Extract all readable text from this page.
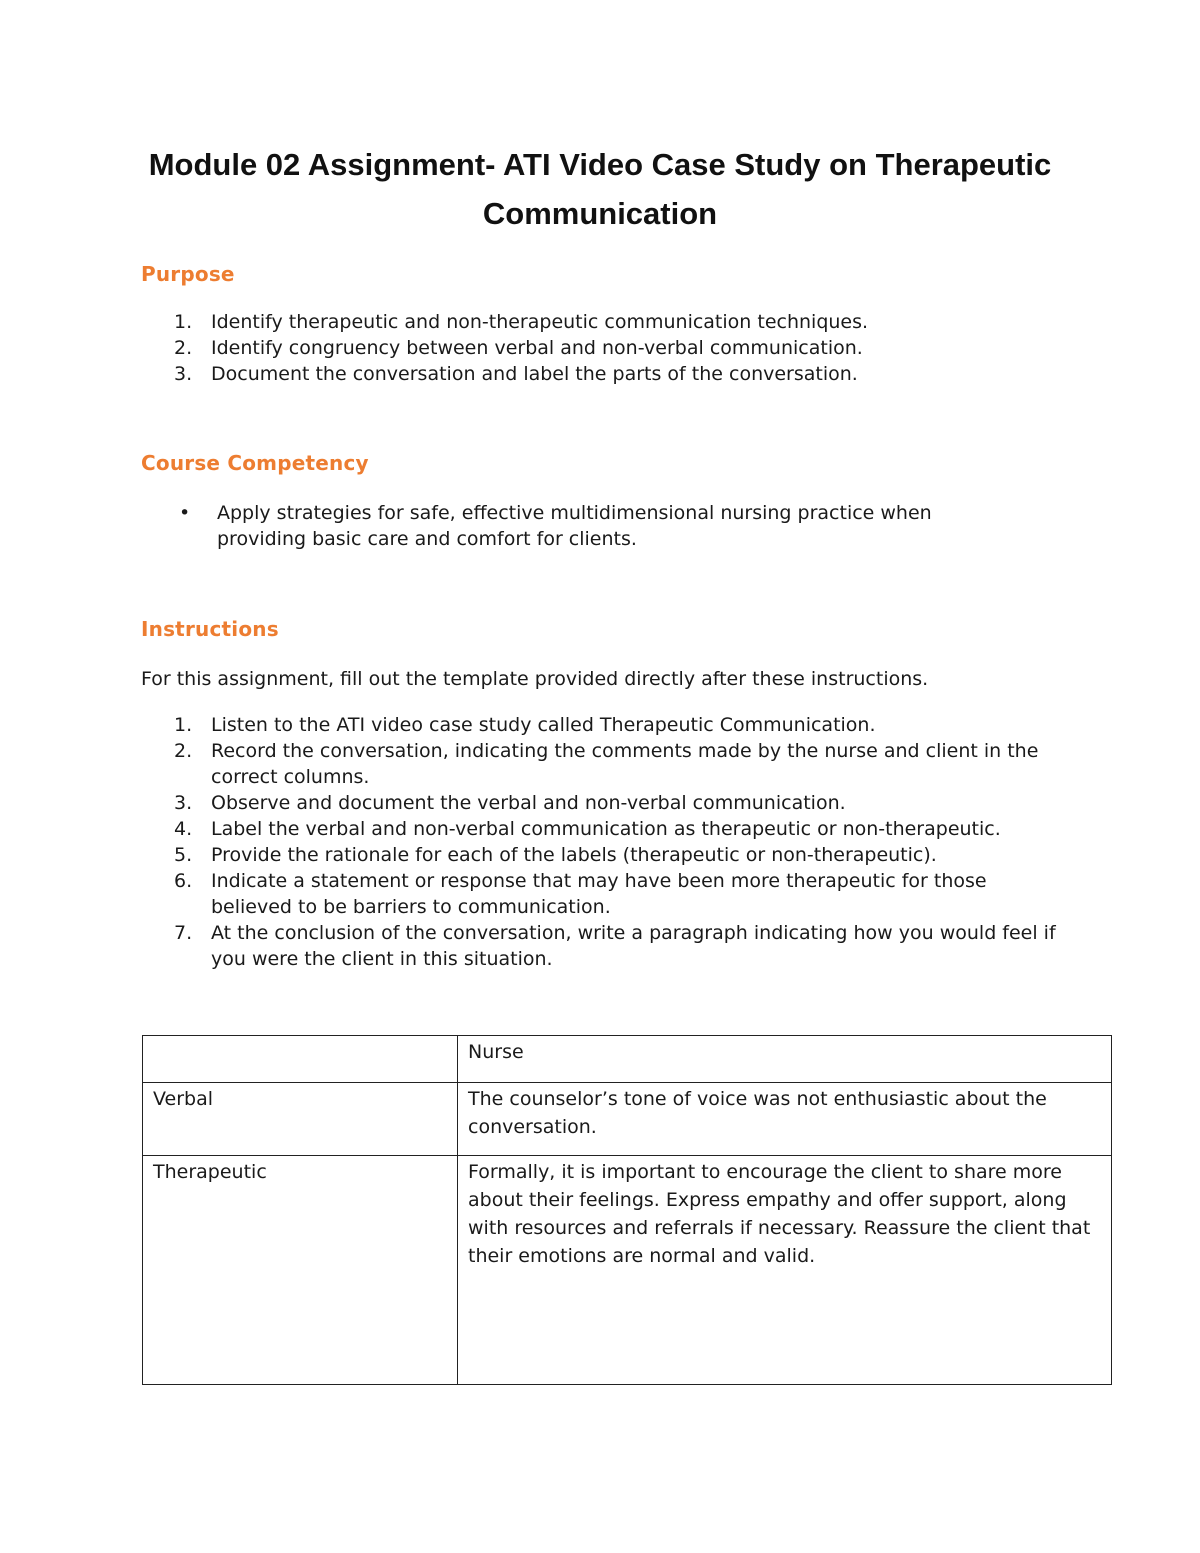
Module 02 Assignment- ATI Video Case Study on Therapeutic Communication
Purpose
1. Identify therapeutic and non-therapeutic communication techniques.
2. Identify congruency between verbal and non-verbal communication.
3. Document the conversation and label the parts of the conversation.
Course Competency
• Apply strategies for safe, effective multidimensional nursing practice when providing basic care and comfort for clients.
Instructions
For this assignment, fill out the template provided directly after these instructions.
1. Listen to the ATI video case study called Therapeutic Communication.
2. Record the conversation, indicating the comments made by the nurse and client in the correct columns.
3. Observe and document the verbal and non-verbal communication.
4. Label the verbal and non-verbal communication as therapeutic or non-therapeutic.
5. Provide the rationale for each of the labels (therapeutic or non-therapeutic).
6. Indicate a statement or response that may have been more therapeutic for those believed to be barriers to communication.
7. At the conclusion of the conversation, write a paragraph indicating how you would feel if you were the client in this situation.
	Nurse
Verbal	The counselor’s tone of voice was not enthusiastic about the conversation.
Therapeutic	Formally, it is important to encourage the client to share more about their feelings. Express empathy and offer support, along with resources and referrals if necessary. Reassure the client that their emotions are normal and valid.
